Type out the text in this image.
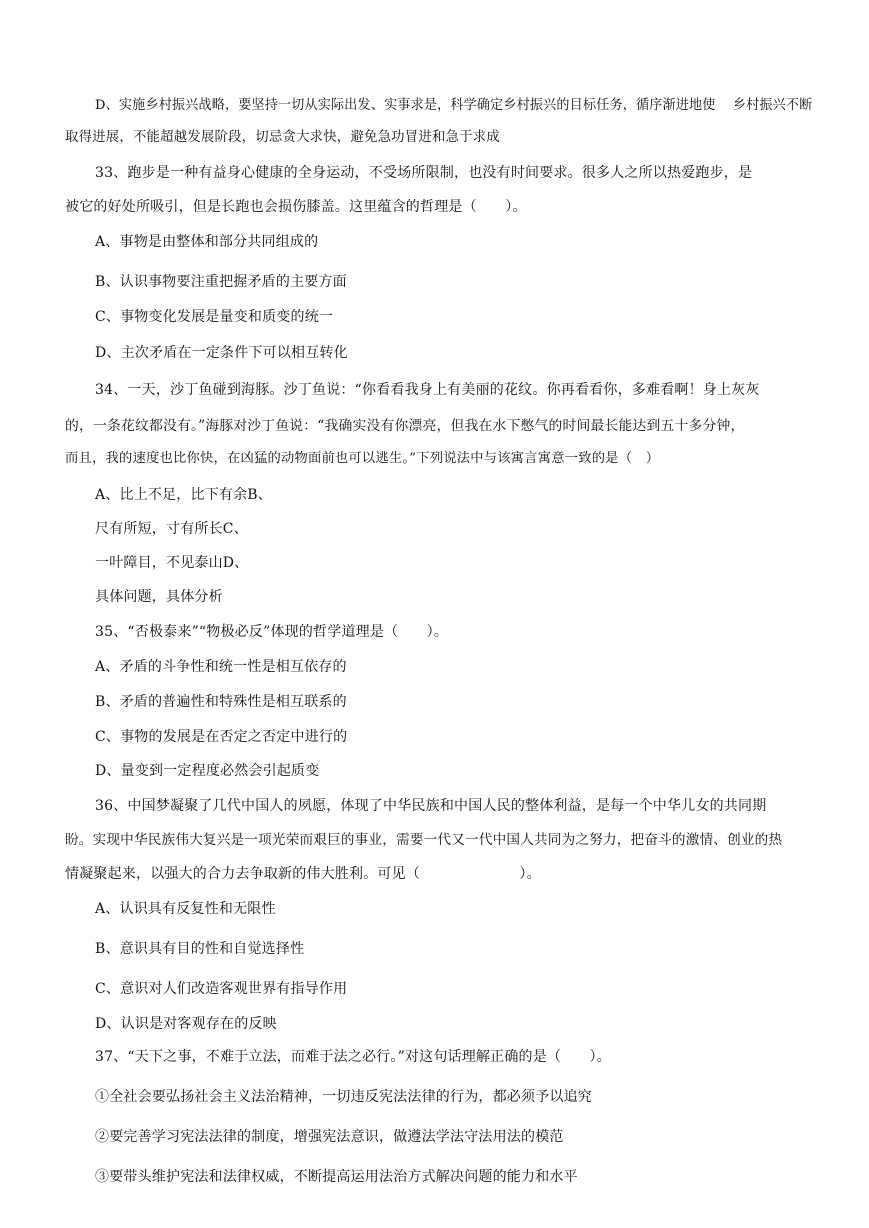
D、实施乡村振兴战略，要坚持一切从实际出发、实事求是，科学确定乡村振兴的目标任务，循序渐进地使    乡村振兴不断
取得进展，不能超越发展阶段，切忌贪大求快，避免急功冒进和急于求成
33、跑步是一种有益身心健康的全身运动，不受场所限制，也没有时间要求。很多人之所以热爱跑步，是
被它的好处所吸引，但是长跑也会损伤膝盖。这里蕴含的哲理是（　　）。
A、事物是由整体和部分共同组成的
B、认识事物要注重把握矛盾的主要方面
C、事物变化发展是量变和质变的统一
D、主次矛盾在一定条件下可以相互转化
34、一天，沙丁鱼碰到海豚。沙丁鱼说：“你看看我身上有美丽的花纹。你再看看你，多难看啊！身上灰灰
的，一条花纹都没有。”海豚对沙丁鱼说：“我确实没有你漂亮，但我在水下憋气的时间最长能达到五十多分钟，
而且，我的速度也比你快，在凶猛的动物面前也可以逃生。”下列说法中与该寓言寓意一致的是（　）
A、比上不足，比下有余B、
尺有所短，寸有所长C、
一叶障目，不见泰山D、
具体问题，具体分析
35、“否极泰来”“物极必反”体现的哲学道理是（　　）。
A、矛盾的斗争性和统一性是相互依存的
B、矛盾的普遍性和特殊性是相互联系的
C、事物的发展是在否定之否定中进行的
D、量变到一定程度必然会引起质变
36、中国梦凝聚了几代中国人的夙愿，体现了中华民族和中国人民的整体利益，是每一个中华儿女的共同期
盼。实现中华民族伟大复兴是一项光荣而艰巨的事业，需要一代又一代中国人共同为之努力，把奋斗的激情、创业的热
情凝聚起来，以强大的合力去争取新的伟大胜利。可见（　　　　　　　）。
A、认识具有反复性和无限性
B、意识具有目的性和自觉选择性
C、意识对人们改造客观世界有指导作用
D、认识是对客观存在的反映
37、“天下之事，不难于立法，而难于法之必行。”对这句话理解正确的是（　　）。
①全社会要弘扬社会主义法治精神，一切违反宪法法律的行为，都必须予以追究
②要完善学习宪法法律的制度，增强宪法意识，做遵法学法守法用法的模范
③要带头维护宪法和法律权威，不断提高运用法治方式解决问题的能力和水平
